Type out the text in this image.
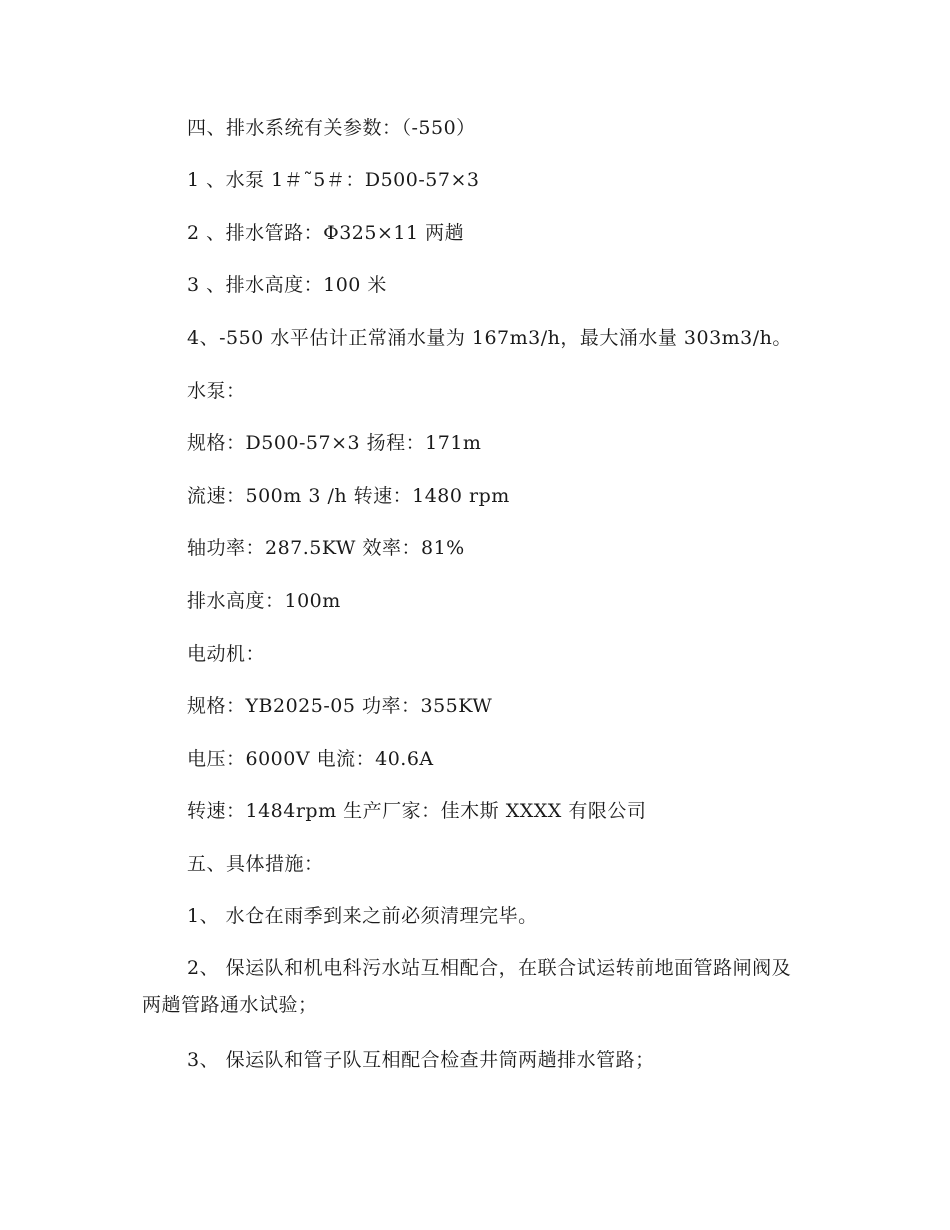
四、排水系统有关参数：（-550）
1 、水泵 1＃˜5＃：D500-57×3
2 、排水管路：Φ325×11 两趟
3 、排水高度：100 米
4、-550 水平估计正常涌水量为 167m3/h，最大涌水量 303m3/h。
水泵：
规格：D500-57×3 扬程：171m
流速：500m 3 /h 转速：1480 rpm
轴功率：287.5KW 效率：81%
排水高度：100m
电动机：
规格：YB2025-05 功率：355KW
电压：6000V 电流：40.6A
转速：1484rpm 生产厂家：佳木斯 XXXX 有限公司
五、具体措施：
1、 水仓在雨季到来之前必须清理完毕。
2、 保运队和机电科污水站互相配合，在联合试运转前地面管路闸阀及两趟管路通水试验；
3、 保运队和管子队互相配合检查井筒两趟排水管路；
